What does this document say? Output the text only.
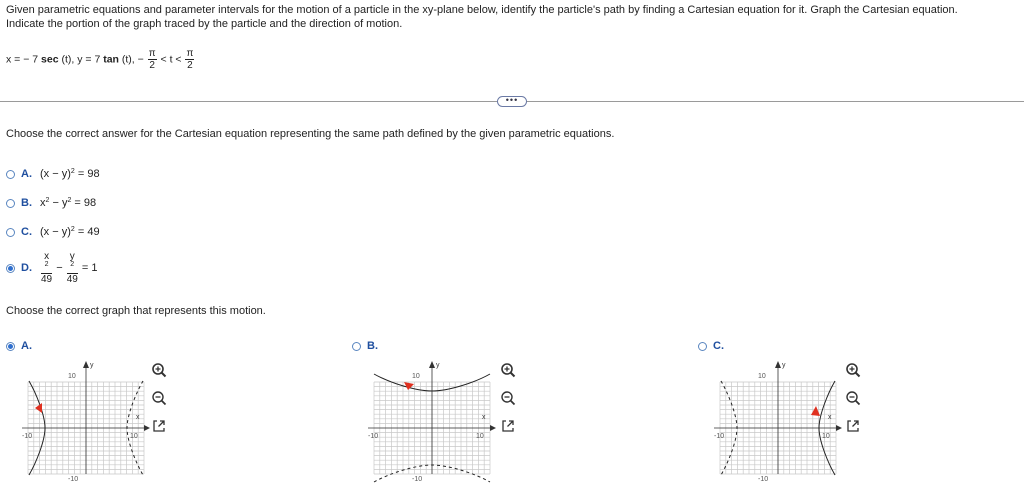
Given parametric equations and parameter intervals for the motion of a particle in the xy-plane below, identify the particle's path by finding a Cartesian equation for it. Graph the Cartesian equation.
Indicate the portion of the graph traced by the particle and the direction of motion.
x = − 7 sec (t), y = 7 tan (t), − $\frac{\pi}{2} < t < \frac{\pi}{2}$
•••
Choose the correct answer for the Cartesian equation representing the same path defined by the given parametric equations.
A. $(x - y)^2$
= 98
B. $x^2$
− $y^2$
= 98
C. $(x - y)^2$
= 49
D. x
$^2$
49
−
y
$^2$
49
= 1
Choose the correct graph that represents this motion.
A.
y
x
10
-10
-10	10
B.
y
x
10
-10
-10	10
C.
y
x
10
-10
-10	10
